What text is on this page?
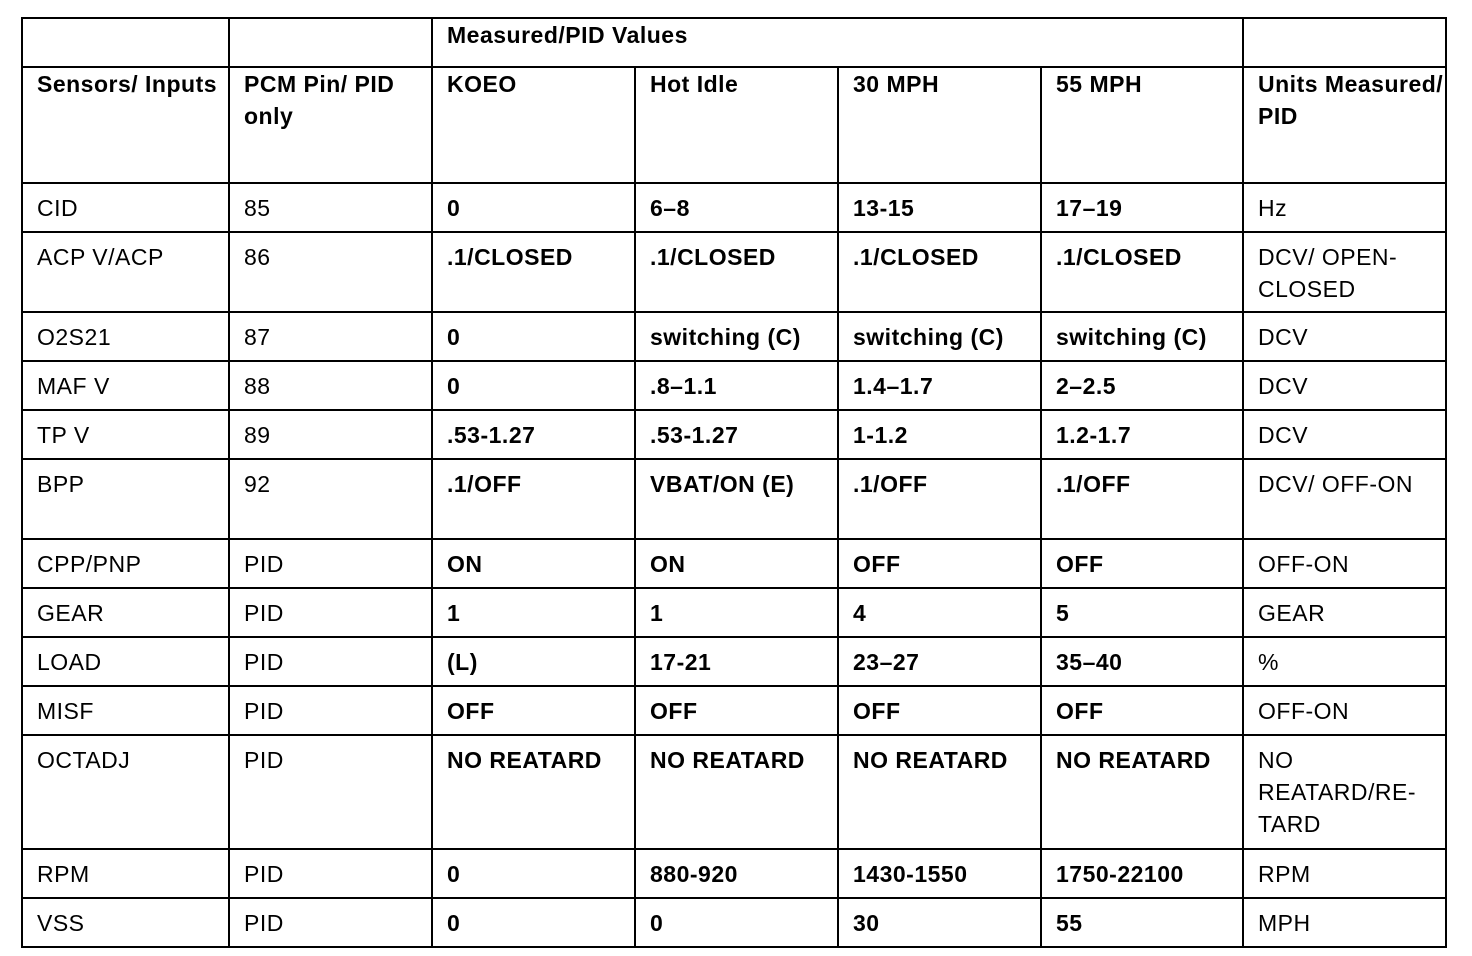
		Measured/PID Values				

Sensors/ Inputs	PCM Pin/ PID only	KOEO	Hot Idle	30 MPH	55 MPH	Units Measured/ PID

CID	85	0	6–8	13-15	17–19	Hz

ACP V/ACP	86	.1/CLOSED	.1/CLOSED	.1/CLOSED	.1/CLOSED	DCV/ OPEN-CLOSED

O2S21	87	0	switching (C)	switching (C)	switching (C)	DCV

MAF V	88	0	.8–1.1	1.4–1.7	2–2.5	DCV

TP V	89	.53-1.27	.53-1.27	1-1.2	1.2-1.7	DCV

BPP	92	.1/OFF	VBAT/ON (E)	.1/OFF	.1/OFF	DCV/ OFF-ON

CPP/PNP	PID	ON	ON	OFF	OFF	OFF-ON

GEAR	PID	1	1	4	5	GEAR

LOAD	PID	(L)	17-21	23–27	35–40	%

MISF	PID	OFF	OFF	OFF	OFF	OFF-ON

OCTADJ	PID	NO REATARD	NO REATARD	NO REATARD	NO REATARD	NO REATARD/RE-TARD

RPM	PID	0	880-920	1430-1550	1750-22100	RPM

VSS	PID	0	0	30	55	MPH
